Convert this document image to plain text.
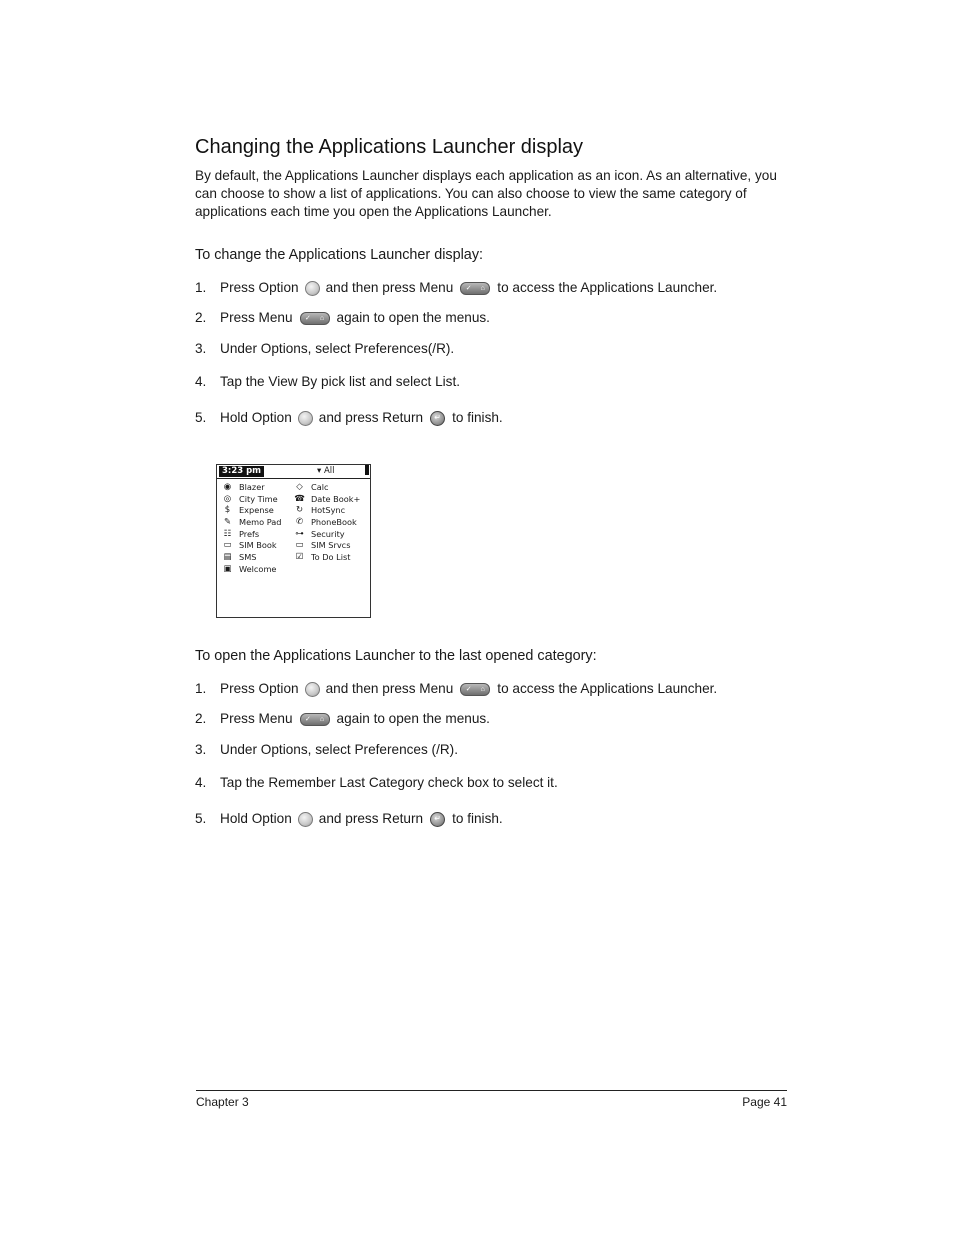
Changing the Applications Launcher display

By default, the Applications Launcher displays each application as an icon. As an alternative, you can choose to show a list of applications. You can also choose to view the same category of applications each time you open the Applications Launcher.

To change the Applications Launcher display:
1.	Press Option and then press Menu ✓ ⌂ to access the Applications Launcher.
2.	Press Menu ✓ ⌂ again to open the menus.
3.	Under Options, select Preferences(/R).
4.	Tap the View By pick list and select List.
5.	Hold Option and press Return	↵ to finish.
3:23 pm	▾ All
◉ Blazer
◎ City Time
$	Expense
✎ Memo Pad
☷ Prefs
▭ SIM Book
▤ SMS
▣ Welcome
◇ Calc
☎ Date Book+
↻ HotSync
✆ PhoneBook
⊶ Security
▭ SIM Srvcs
☑ To Do List
To open the Applications Launcher to the last opened category:
1.	Press Option and then press Menu ✓ ⌂ to access the Applications Launcher.
2.	Press Menu ✓ ⌂ again to open the menus.
3.	Under Options, select Preferences (/R).
4.	Tap the Remember Last Category check box to select it.
5.	Hold Option and press Return	↵ to finish.
Chapter 3	Page 41
